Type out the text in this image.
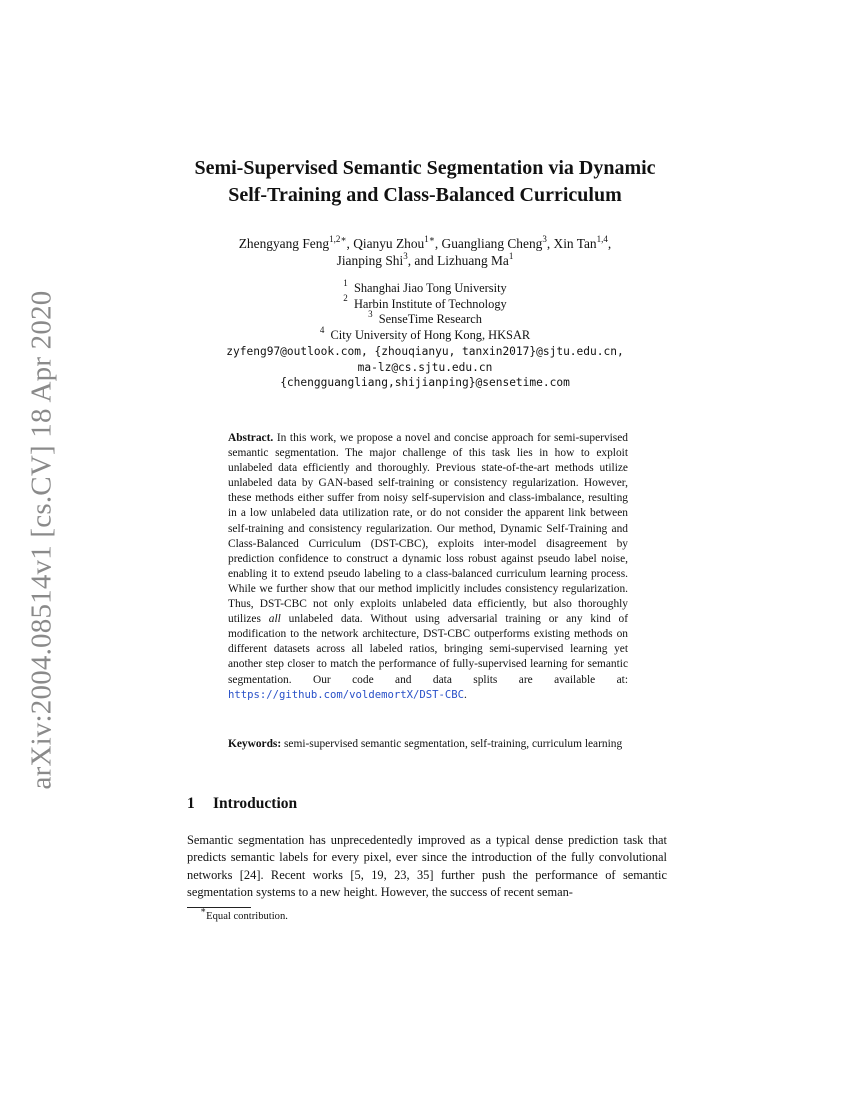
arXiv:2004.08514v1 [cs.CV] 18 Apr 2020
Semi-Supervised Semantic Segmentation via Dynamic
Self-Training and Class-Balanced Curriculum
Zhengyang Feng$^{1,2∗}$, Qianyu Zhou$^{1∗}$, Guangliang Cheng$^3$, Xin Tan$^{1,4}$,
Jianping Shi$^3$, and Lizhuang Ma$^1$
$^1$ Shanghai Jiao Tong University
$^2$ Harbin Institute of Technology
$^3$ SenseTime Research
$^4$ City University of Hong Kong, HKSAR
zyfeng97@outlook.com, {zhouqianyu, tanxin2017}@sjtu.edu.cn,
ma-lz@cs.sjtu.edu.cn
{chengguangliang,shijianping}@sensetime.com
Abstract. In this work, we propose a novel and concise approach for semi-supervised semantic segmentation. The major challenge of this task lies in how to exploit unlabeled data efficiently and thoroughly. Previous state-of-the-art methods utilize unlabeled data by GAN-based self-training or consistency regularization. However, these methods either suffer from noisy self-supervision and class-imbalance, resulting in a low unlabeled data utilization rate, or do not consider the apparent link between self-training and consistency regularization. Our method, Dynamic Self-Training and Class-Balanced Curriculum (DST-CBC), exploits inter-model disagreement by prediction confidence to construct a dynamic loss robust against pseudo label noise, enabling it to extend pseudo labeling to a class-balanced curriculum learning process. While we further show that our method implicitly includes consistency regularization. Thus, DST-CBC not only exploits unlabeled data efficiently, but also thoroughly utilizes all unlabeled data. Without using adversarial training or any kind of modification to the network architecture, DST-CBC outperforms existing methods on different datasets across all labeled ratios, bringing semi-supervised learning yet another step closer to match the performance of fully-supervised learning for semantic segmentation. Our code and data splits are available at: https://github.com/voldemortX/DST-CBC.
Keywords: semi-supervised semantic segmentation, self-training, curriculum learning
1 Introduction
Semantic segmentation has unprecedentedly improved as a typical dense prediction task that predicts semantic labels for every pixel, ever since the introduction of the fully convolutional networks [24]. Recent works [5, 19, 23, 35] further push the performance of semantic segmentation systems to a new height. However, the success of recent seman-
∗Equal contribution.
